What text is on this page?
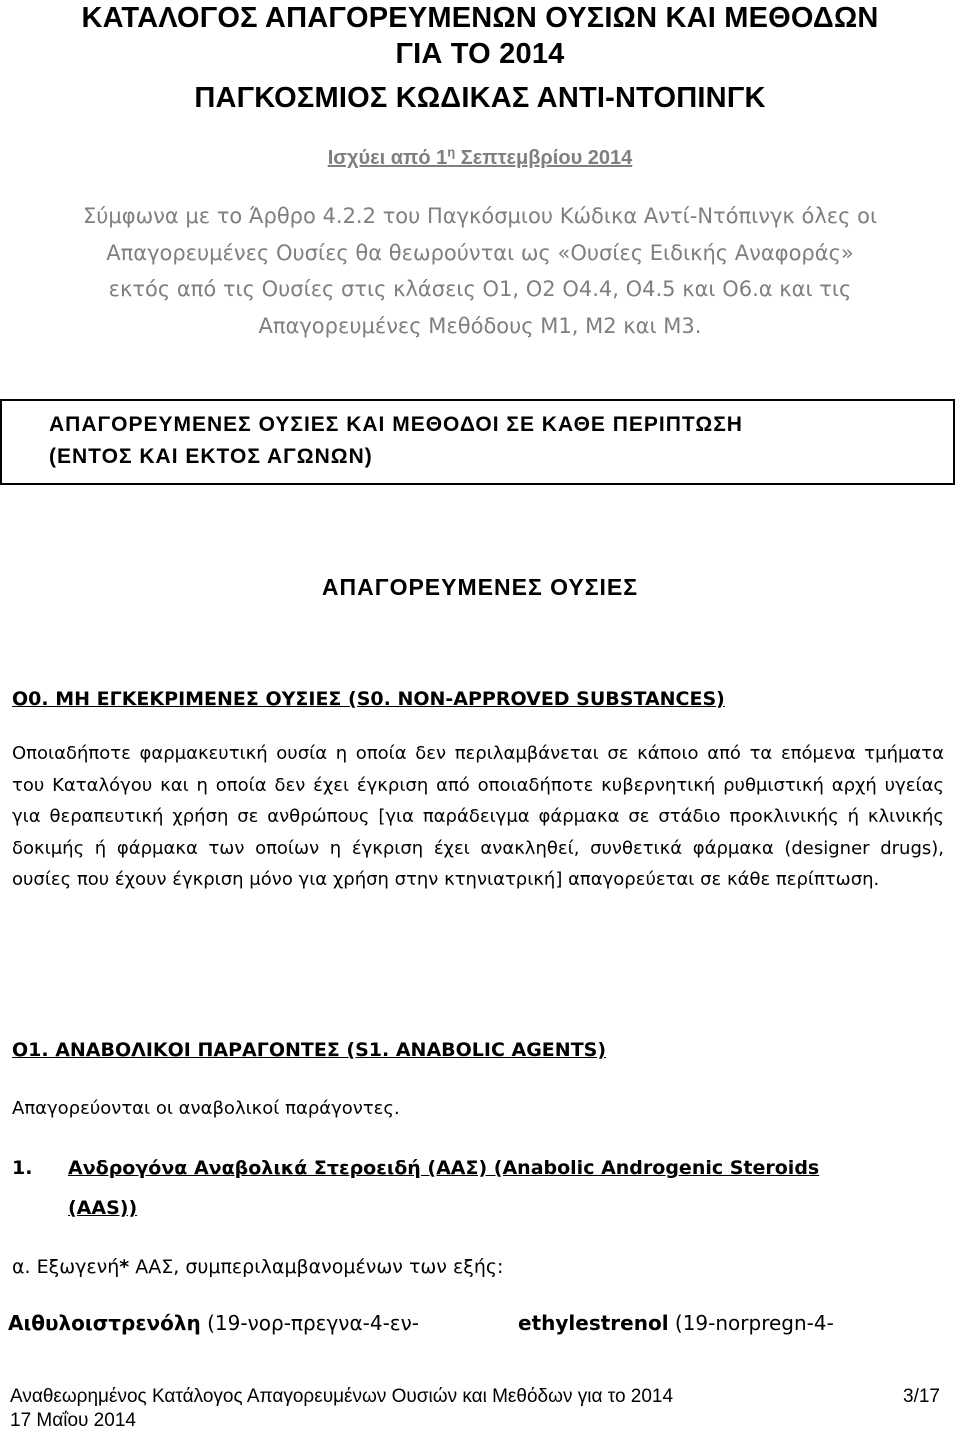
ΚΑΤΑΛΟΓΟΣ ΑΠΑΓΟΡΕΥΜΕΝΩΝ ΟΥΣΙΩΝ ΚΑΙ ΜΕΘΟΔΩΝ
ΓΙΑ ΤΟ 2014
ΠΑΓΚΟΣΜΙΟΣ ΚΩΔΙΚΑΣ ΑΝΤΙ-ΝΤΟΠΙΝΓΚ
Ισχύει από $1^\eta$ Σεπτεμβρίου 2014
Σύμφωνα με το Άρθρο 4.2.2 του Παγκόσμιου Κώδικα Αντί-Ντόπινγκ όλες οι Απαγορευμένες Ουσίες θα θεωρούνται ως «Ουσίες Ειδικής Αναφοράς» εκτός από τις Ουσίες στις κλάσεις Ο1, Ο2 Ο4.4, Ο4.5 και Ο6.α και τις Απαγορευμένες Μεθόδους Μ1, Μ2 και Μ3.
ΑΠΑΓΟΡΕΥΜΕΝΕΣ ΟΥΣΙΕΣ ΚΑΙ ΜΕΘΟΔΟΙ ΣΕ ΚΑΘΕ ΠΕΡΙΠΤΩΣΗ
(ΕΝΤΟΣ ΚΑΙ ΕΚΤΟΣ ΑΓΩΝΩΝ)
ΑΠΑΓΟΡΕΥΜΕΝΕΣ ΟΥΣΙΕΣ
Ο0. ΜΗ ΕΓΚΕΚΡΙΜΕΝΕΣ ΟΥΣΙΕΣ (S0. NON-APPROVED SUBSTANCES)
Οποιαδήποτε φαρμακευτική ουσία η οποία δεν περιλαμβάνεται σε κάποιο από τα επόμενα τμήματα του Καταλόγου και η οποία δεν έχει έγκριση από οποιαδήποτε κυβερνητική ρυθμιστική αρχή υγείας για θεραπευτική χρήση σε ανθρώπους [για παράδειγμα φάρμακα σε στάδιο προκλινικής ή κλινικής δοκιμής ή φάρμακα των οποίων η έγκριση έχει ανακληθεί, συνθετικά φάρμακα (designer drugs), ουσίες που έχουν έγκριση μόνο για χρήση στην κτηνιατρική] απαγορεύεται σε κάθε περίπτωση.
Ο1. ΑΝΑΒΟΛΙΚΟΙ ΠΑΡΑΓΟΝΤΕΣ (S1. ANABOLIC AGENTS)
Απαγορεύονται οι αναβολικοί παράγοντες.
1. Ανδρογόνα Αναβολικά Στεροειδή (ΑΑΣ) (Anabolic Androgenic Steroids (AAS))
α. Εξωγενή* ΑΑΣ, συμπεριλαμβανομένων των εξής:
Αιθυλοιστρενόλη (19-νορ-πρεγνα-4-εν-	ethylestrenol (19-norpregn-4-
Αναθεωρημένος Κατάλογος Απαγορευμένων Ουσιών και Μεθόδων για το 2014
17 Μαΐου 2014
3/17
